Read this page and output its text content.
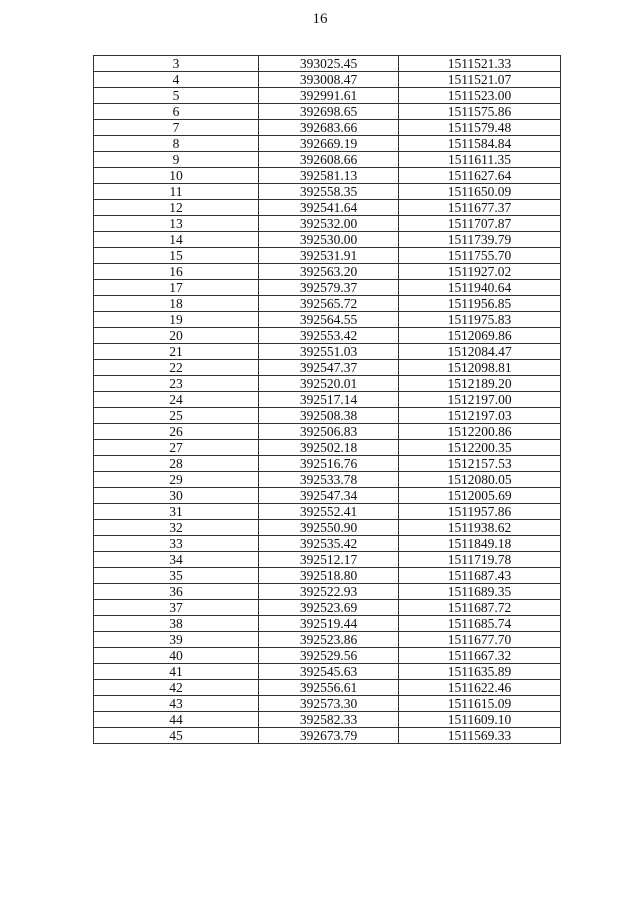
16
3	393025.45	1511521.33
4	393008.47	1511521.07
5	392991.61	1511523.00
6	392698.65	1511575.86
7	392683.66	1511579.48
8	392669.19	1511584.84
9	392608.66	1511611.35
10	392581.13	1511627.64
11	392558.35	1511650.09
12	392541.64	1511677.37
13	392532.00	1511707.87
14	392530.00	1511739.79
15	392531.91	1511755.70
16	392563.20	1511927.02
17	392579.37	1511940.64
18	392565.72	1511956.85
19	392564.55	1511975.83
20	392553.42	1512069.86
21	392551.03	1512084.47
22	392547.37	1512098.81
23	392520.01	1512189.20
24	392517.14	1512197.00
25	392508.38	1512197.03
26	392506.83	1512200.86
27	392502.18	1512200.35
28	392516.76	1512157.53
29	392533.78	1512080.05
30	392547.34	1512005.69
31	392552.41	1511957.86
32	392550.90	1511938.62
33	392535.42	1511849.18
34	392512.17	1511719.78
35	392518.80	1511687.43
36	392522.93	1511689.35
37	392523.69	1511687.72
38	392519.44	1511685.74
39	392523.86	1511677.70
40	392529.56	1511667.32
41	392545.63	1511635.89
42	392556.61	1511622.46
43	392573.30	1511615.09
44	392582.33	1511609.10
45	392673.79	1511569.33
